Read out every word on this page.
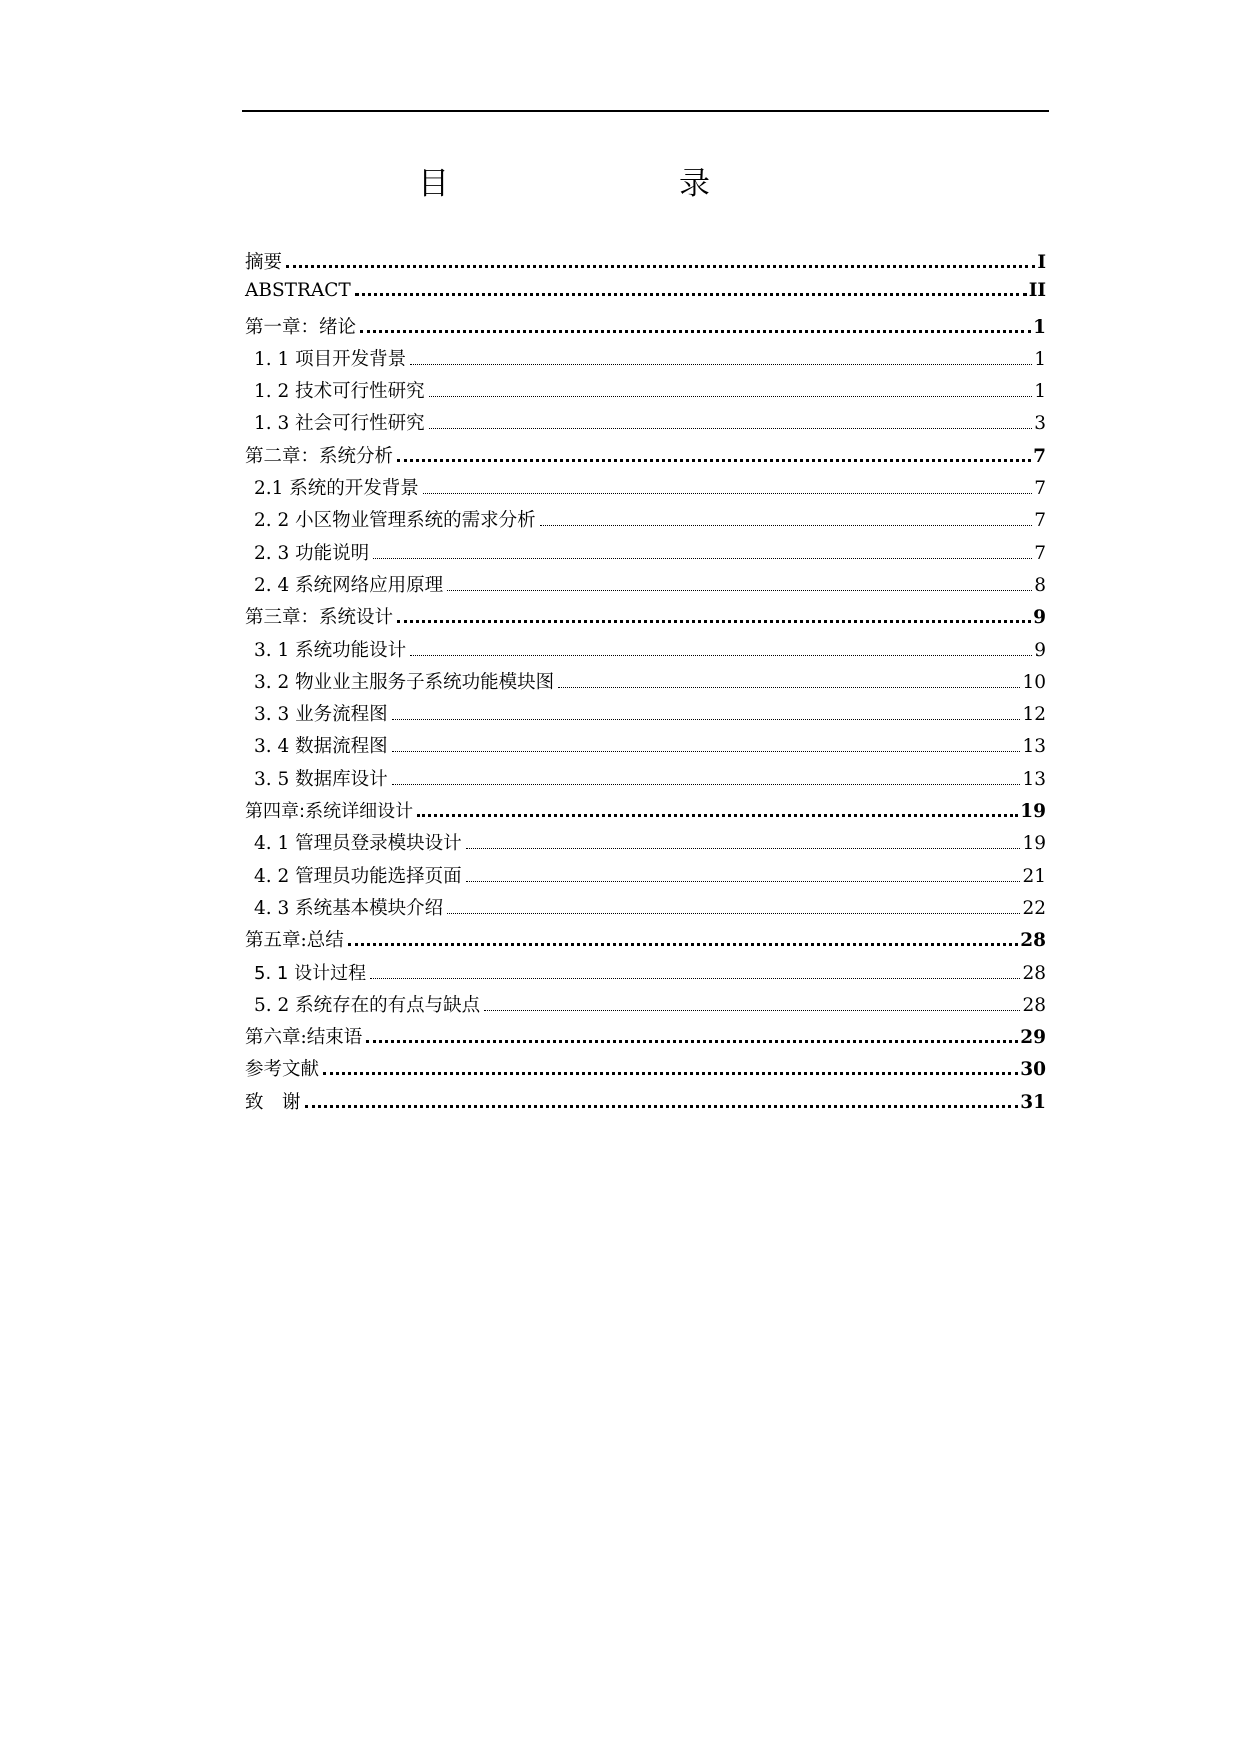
目　　录
摘要	I
ABSTRACT	II
第一章：绪论	1
1. 1 项目开发背景	1
1. 2 技术可行性研究	1
1. 3 社会可行性研究	3
第二章：系统分析	7
2.1 系统的开发背景	7
2. 2 小区物业管理系统的需求分析	7
2. 3 功能说明	7
2. 4 系统网络应用原理	8
第三章：系统设计	9
3. 1 系统功能设计	9
3. 2 物业业主服务子系统功能模块图	10
3. 3 业务流程图	12
3. 4 数据流程图	13
3. 5 数据库设计	13
第四章:系统详细设计	19
4. 1 管理员登录模块设计	19
4. 2 管理员功能选择页面	21
4. 3 系统基本模块介绍	22
第五章:总结	28
5. 1 设计过程	28
5. 2 系统存在的有点与缺点	28
第六章:结束语	29
参考文献	30
致　谢	31
